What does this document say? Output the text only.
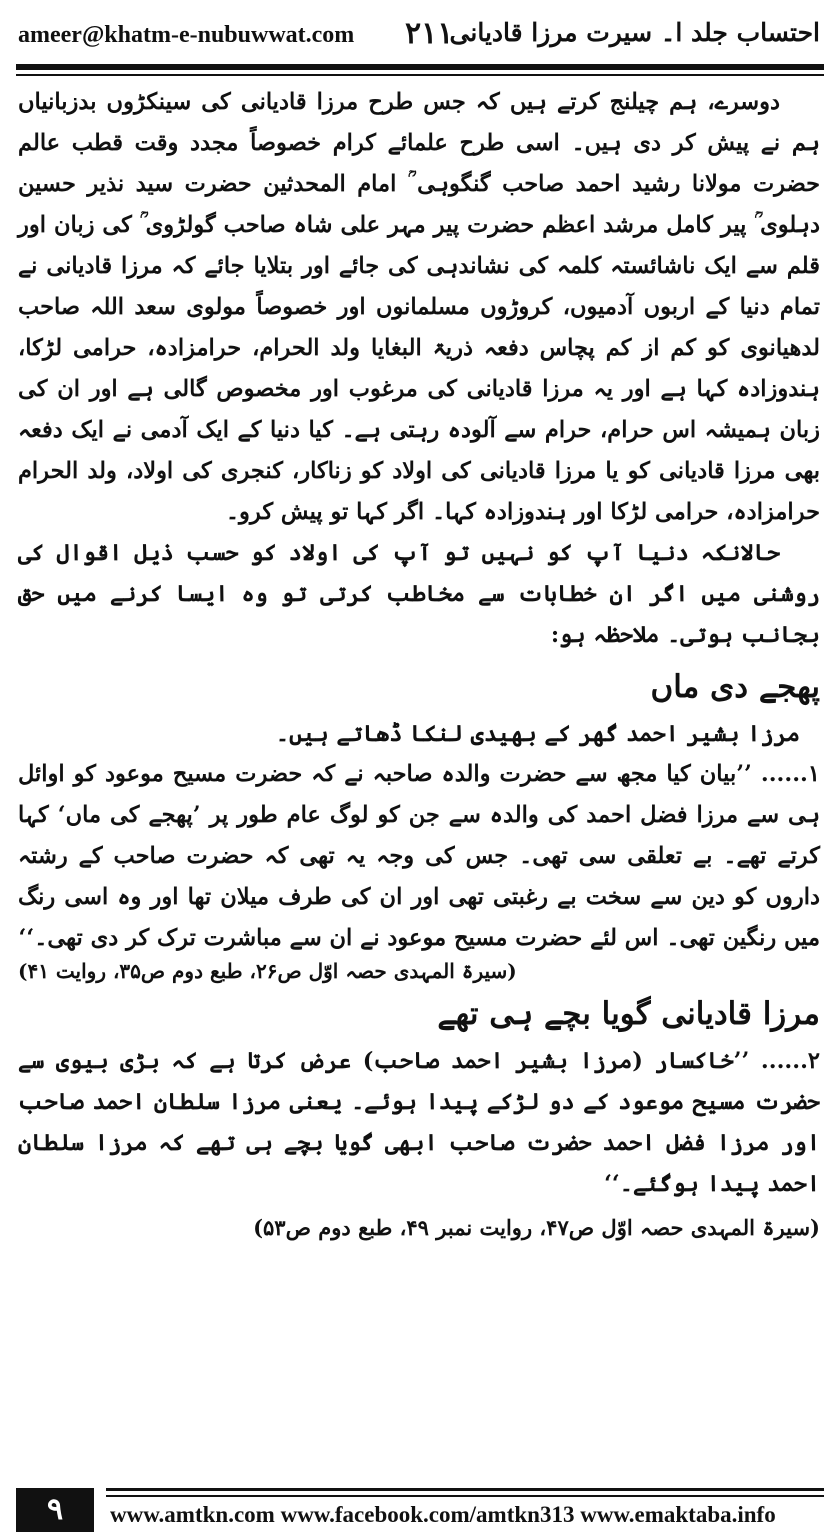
ameer@khatm-e-nubuwwat.com ۲۱۱
احتساب جلد ا۔ سیرت مرزا قادیانی

دوسرے، ہم چیلنج کرتے ہیں کہ جس طرح مرزا قادیانی کی سینکڑوں بدزبانیاں ہم نے پیش کر دی ہیں۔ اسی طرح علمائے کرام خصوصاً مجدد وقت قطب عالم حضرت مولانا رشید احمد صاحب گنگوہی ؒ امام المحدثین حضرت سید نذیر حسین دہلوی ؒ پیر کامل مرشد اعظم حضرت پیر مہر علی شاہ صاحب گولڑوی ؒ کی زبان اور قلم سے ایک ناشائستہ کلمہ کی نشاندہی کی جائے اور بتلایا جائے کہ مرزا قادیانی نے تمام دنیا کے اربوں آدمیوں، کروڑوں مسلمانوں اور خصوصاً مولوی سعد اللہ صاحب لدھیانوی کو کم از کم پچاس دفعہ ذریۃ البغایا ولد الحرام، حرامزادہ، حرامی لڑکا، ہندوزادہ کہا ہے اور یہ مرزا قادیانی کی مرغوب اور مخصوص گالی ہے اور ان کی زبان ہمیشہ اس حرام، حرام سے آلودہ رہتی ہے۔ کیا دنیا کے ایک آدمی نے ایک دفعہ بھی مرزا قادیانی کو یا مرزا قادیانی کی اولاد کو زناکار، کنجری کی اولاد، ولد الحرام حرامزادہ، حرامی لڑکا اور ہندوزادہ کہا۔ اگر کہا تو پیش کرو۔

حالانکہ دنیا آپ کو نہیں تو آپ کی اولاد کو حسب ذیل اقوال کی روشنی میں اگر ان خطابات سے مخاطب کرتی تو وہ ایسا کرنے میں حق بجانب ہوتی۔ ملاحظہ ہو:

پھجے دی ماں

مرزا بشیر احمد گھر کے بھیدی لنکا ڈھاتے ہیں۔

۱...... ’’بیان کیا مجھ سے حضرت والدہ صاحبہ نے کہ حضرت مسیح موعود کو اوائل ہی سے مرزا فضل احمد کی والدہ سے جن کو لوگ عام طور پر ’پھجے کی ماں‘ کہا کرتے تھے۔ بے تعلقی سی تھی۔ جس کی وجہ یہ تھی کہ حضرت صاحب کے رشتہ داروں کو دین سے سخت بے رغبتی تھی اور ان کی طرف میلان تھا اور وہ اسی رنگ میں رنگین تھی۔ اس لئے حضرت مسیح موعود نے ان سے مباشرت ترک کر دی تھی۔‘‘

(سیرۃ المہدی حصہ اوّل ص۲۶، طبع دوم ص۳۵، روایت ۴۱)
مرزا قادیانی گویا بچے ہی تھے

۲...... ’’خاکسار (مرزا بشیر احمد صاحب) عرض کرتا ہے کہ بڑی بیوی سے حضرت مسیح موعود کے دو لڑکے پیدا ہوئے۔ یعنی مرزا سلطان احمد صاحب اور مرزا فضل احمد حضرت صاحب ابھی گویا بچے ہی تھے کہ مرزا سلطان احمد پیدا ہوگئے۔‘‘

(سیرۃ المہدی حصہ اوّل ص۴۷، روایت نمبر ۴۹، طبع دوم ص۵۳)

۹	www.amtkn.com www.facebook.com/amtkn313 www.emaktaba.info
